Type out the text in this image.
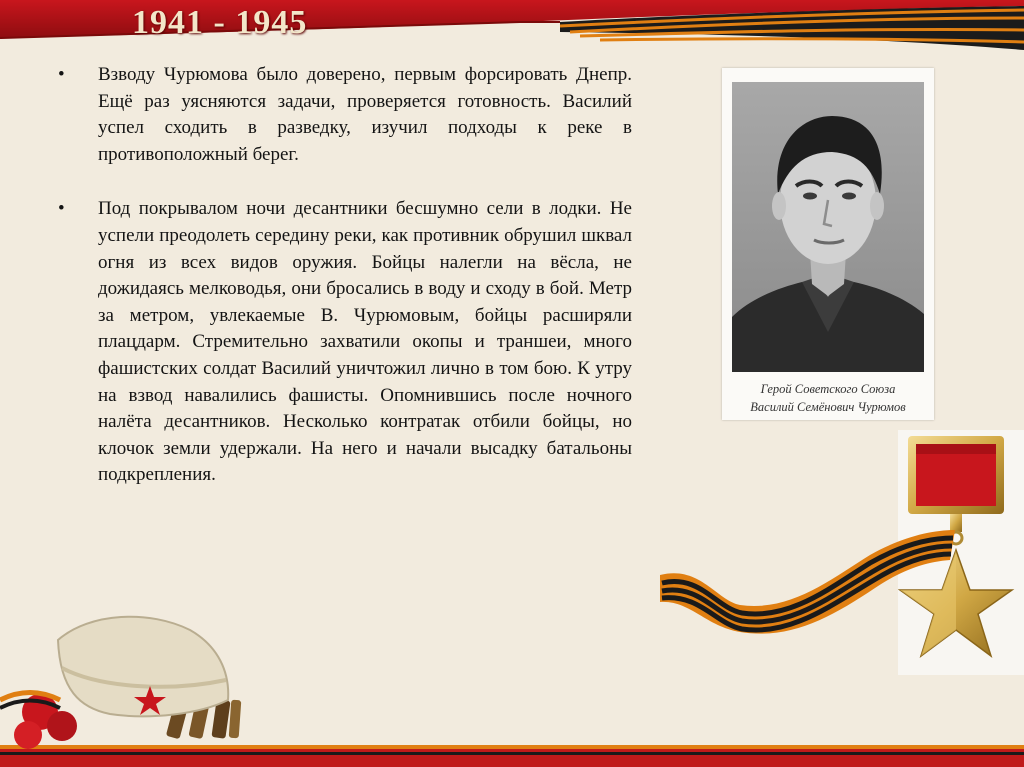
1941 - 1945

•	Взводу Чурюмова было доверено, первым форсировать Днепр. Ещё раз уясняются задачи, проверяется готовность. Василий успел сходить в разведку, изучил подходы к реке в противоположный берег.

•	Под покрывалом ночи десантники бесшумно сели в лодки. Не успели преодолеть середину реки, как противник обрушил шквал огня из всех видов оружия. Бойцы налегли на вёсла, не дожидаясь мелководья, они бросались в воду и сходу в бой. Метр за метром, увлекаемые В. Чурюмовым, бойцы расширяли плацдарм. Стремительно захватили окопы и траншеи, много фашистских солдат Василий уничтожил лично в том бою. К утру на взвод навалились фашисты. Опомнившись после ночного налёта десантников. Несколько контратак отбили бойцы, но клочок земли удержали. На него и начали высадку батальоны подкрепления.

Герой Советского Союза
Василий Семёнович Чурюмов
